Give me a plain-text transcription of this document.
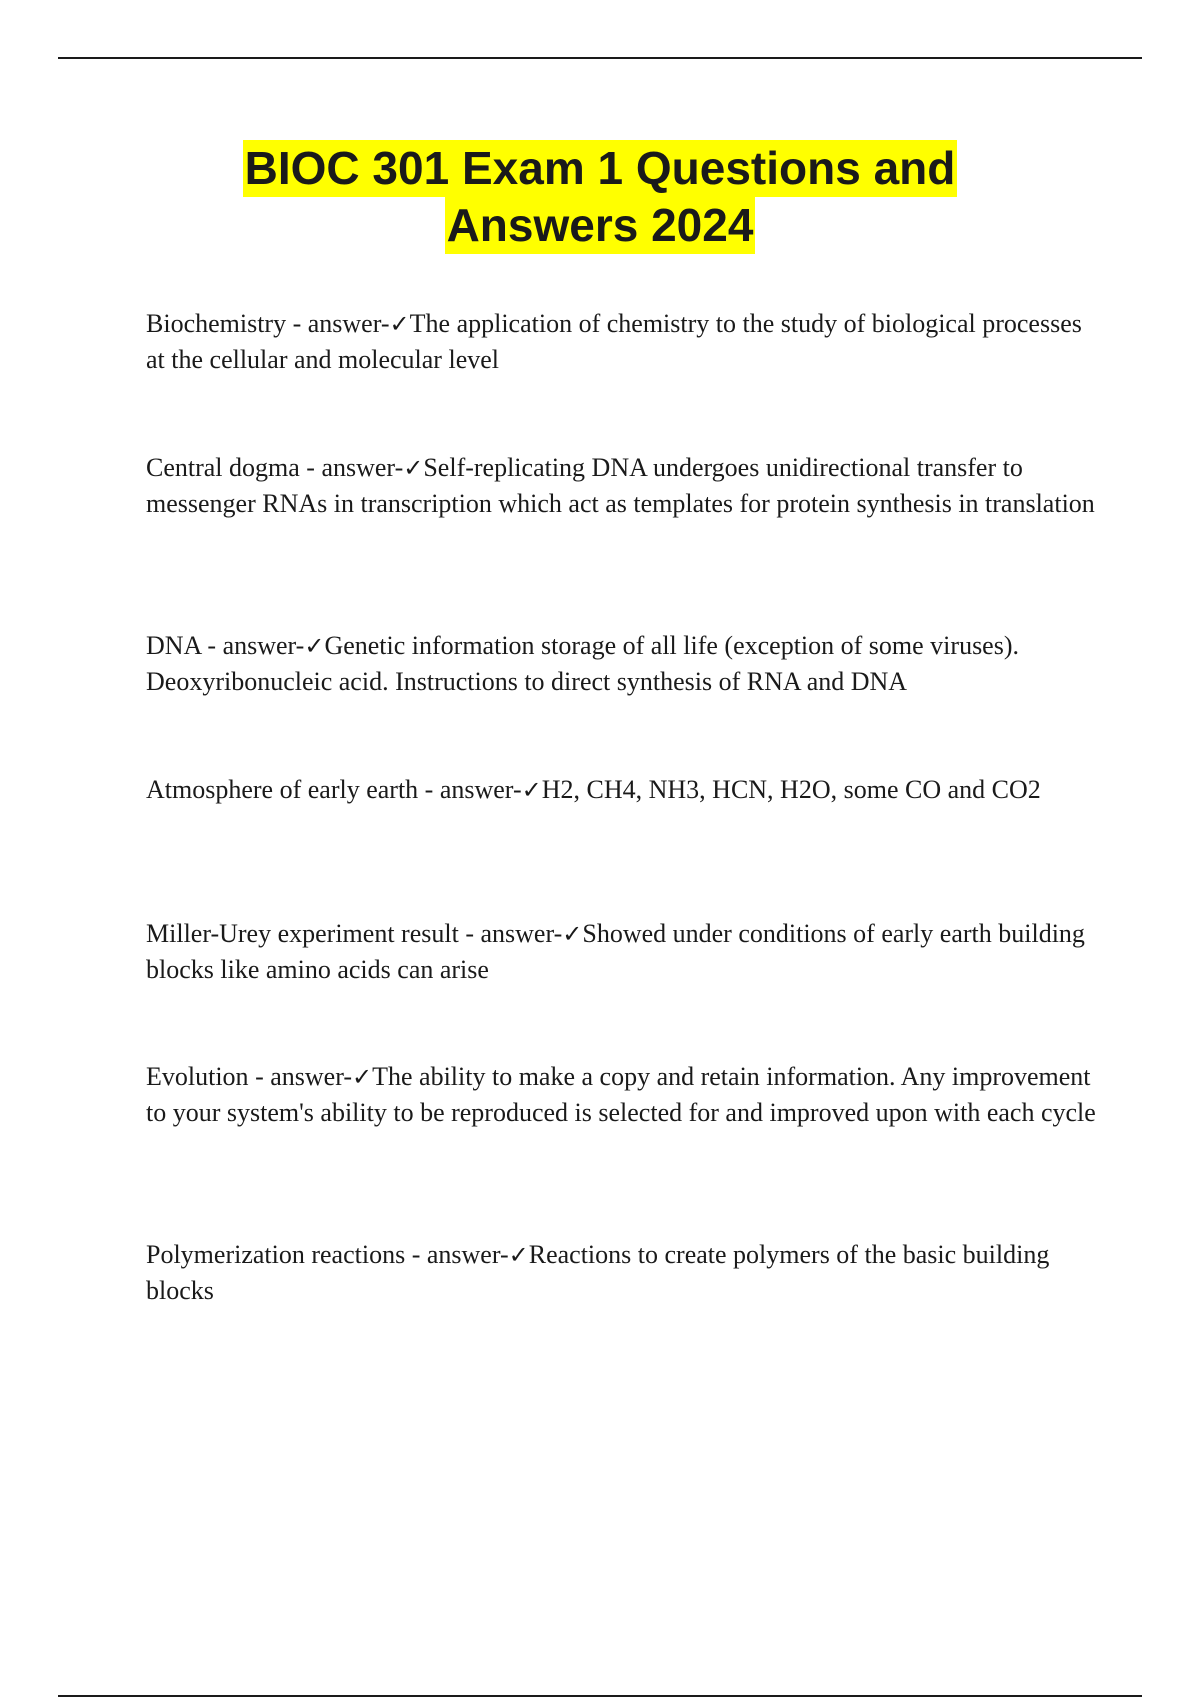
BIOC 301 Exam 1 Questions and
Answers 2024

Biochemistry - answer-✓The application of chemistry to the study of biological processes at the cellular and molecular level

Central dogma - answer-✓Self-replicating DNA undergoes unidirectional transfer to messenger RNAs in transcription which act as templates for protein synthesis in translation

DNA - answer-✓Genetic information storage of all life (exception of some viruses). Deoxyribonucleic acid. Instructions to direct synthesis of RNA and DNA

Atmosphere of early earth - answer-✓H2, CH4, NH3, HCN, H2O, some CO and CO2

Miller-Urey experiment result - answer-✓Showed under conditions of early earth building blocks like amino acids can arise

Evolution - answer-✓The ability to make a copy and retain information. Any improvement to your system's ability to be reproduced is selected for and improved upon with each cycle

Polymerization reactions - answer-✓Reactions to create polymers of the basic building blocks
